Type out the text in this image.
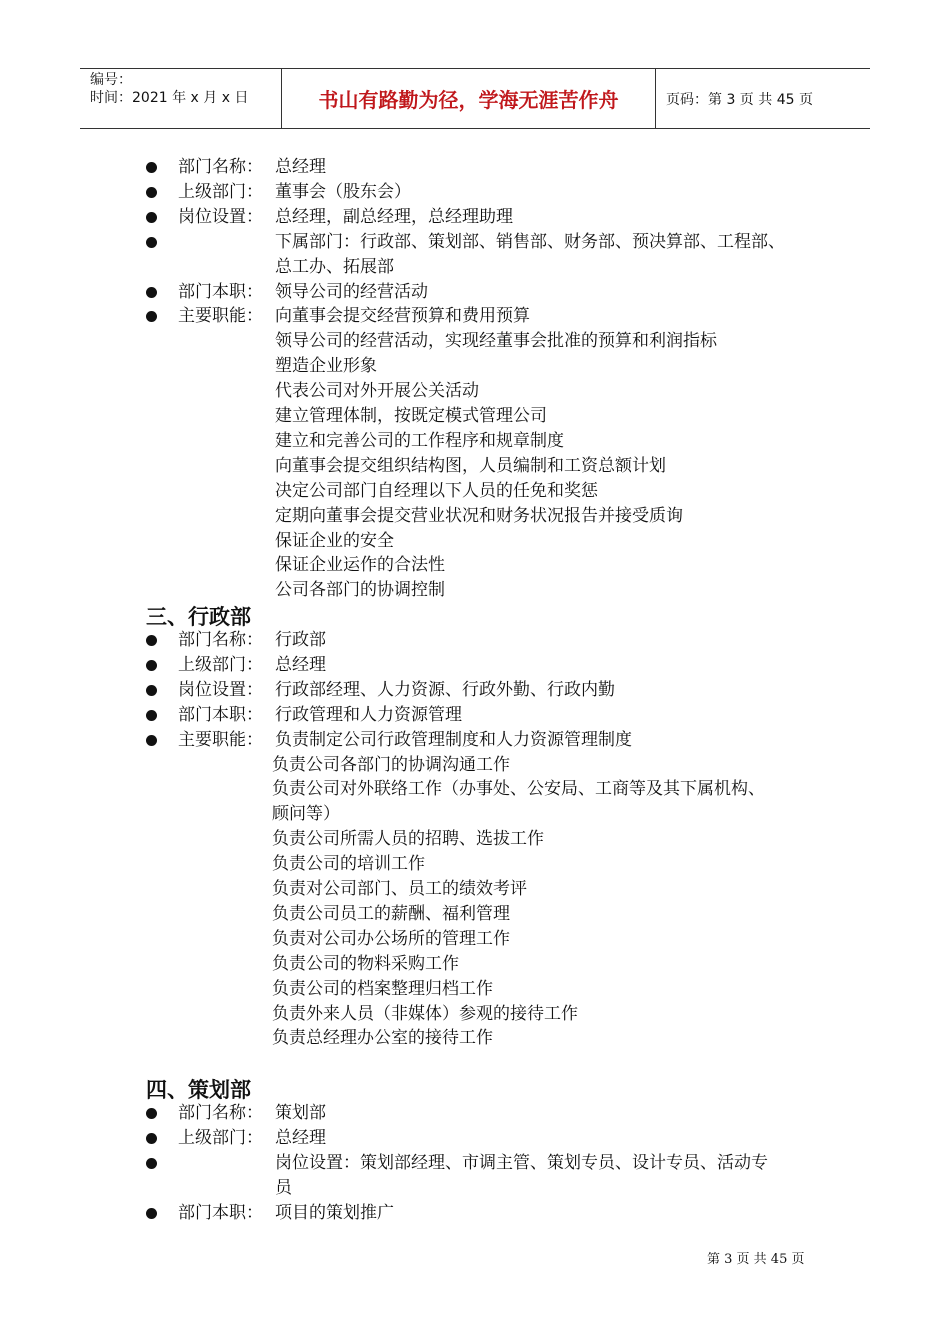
编号：
时间：2021 年 x 月 x 日	书山有路勤为径，学海无涯苦作舟	页码：第 3 页 共 45 页
部门名称： 总经理
上级部门： 董事会（股东会）
岗位设置： 总经理，副总经理，总经理助理
下属部门：行政部、策划部、销售部、财务部、预决算部、工程部、
总工办、拓展部
部门本职： 领导公司的经营活动
主要职能： 向董事会提交经营预算和费用预算
领导公司的经营活动，实现经董事会批准的预算和利润指标
塑造企业形象
代表公司对外开展公关活动
建立管理体制，按既定模式管理公司
建立和完善公司的工作程序和规章制度
向董事会提交组织结构图，人员编制和工资总额计划
决定公司部门自经理以下人员的任免和奖惩
定期向董事会提交营业状况和财务状况报告并接受质询
保证企业的安全
保证企业运作的合法性
公司各部门的协调控制
三、行政部
部门名称： 行政部
上级部门： 总经理
岗位设置： 行政部经理、人力资源、行政外勤、行政内勤
部门本职： 行政管理和人力资源管理
主要职能： 负责制定公司行政管理制度和人力资源管理制度
负责公司各部门的协调沟通工作
负责公司对外联络工作（办事处、公安局、工商等及其下属机构、
顾问等）
负责公司所需人员的招聘、选拔工作
负责公司的培训工作
负责对公司部门、员工的绩效考评
负责公司员工的薪酬、福利管理
负责对公司办公场所的管理工作
负责公司的物料采购工作
负责公司的档案整理归档工作
负责外来人员（非媒体）参观的接待工作
负责总经理办公室的接待工作
四、策划部
部门名称： 策划部
上级部门： 总经理
岗位设置：策划部经理、市调主管、策划专员、设计专员、活动专
员
部门本职： 项目的策划推广
第 3 页 共 45 页
